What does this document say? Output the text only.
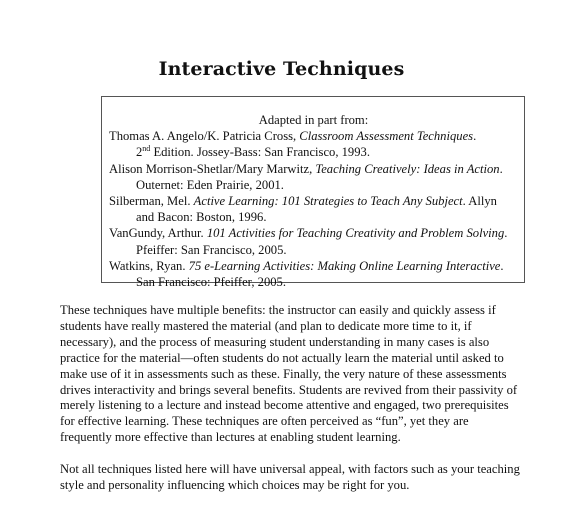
Interactive Techniques

Adapted in part from:

Thomas A. Angelo/K. Patricia Cross, Classroom Assessment Techniques.
2nd Edition. Jossey-Bass: San Francisco, 1993.

Alison Morrison-Shetlar/Mary Marwitz, Teaching Creatively: Ideas in Action. Outernet: Eden Prairie, 2001.

Silberman, Mel. Active Learning: 101 Strategies to Teach Any Subject. Allyn and Bacon: Boston, 1996.

VanGundy, Arthur. 101 Activities for Teaching Creativity and Problem Solving. Pfeiffer: San Francisco, 2005.

Watkins, Ryan. 75 e-Learning Activities: Making Online Learning Interactive. San Francisco: Pfeiffer, 2005.

These techniques have multiple benefits: the instructor can easily and quickly assess if students have really mastered the material (and plan to dedicate more time to it, if necessary), and the process of measuring student understanding in many cases is also practice for the material—often students do not actually learn the material until asked to make use of it in assessments such as these. Finally, the very nature of these assessments drives interactivity and brings several benefits. Students are revived from their passivity of merely listening to a lecture and instead become attentive and engaged, two prerequisites for effective learning. These techniques are often perceived as “fun”, yet they are frequently more effective than lectures at enabling student learning.

Not all techniques listed here will have universal appeal, with factors such as your teaching style and personality influencing which choices may be right for you.
